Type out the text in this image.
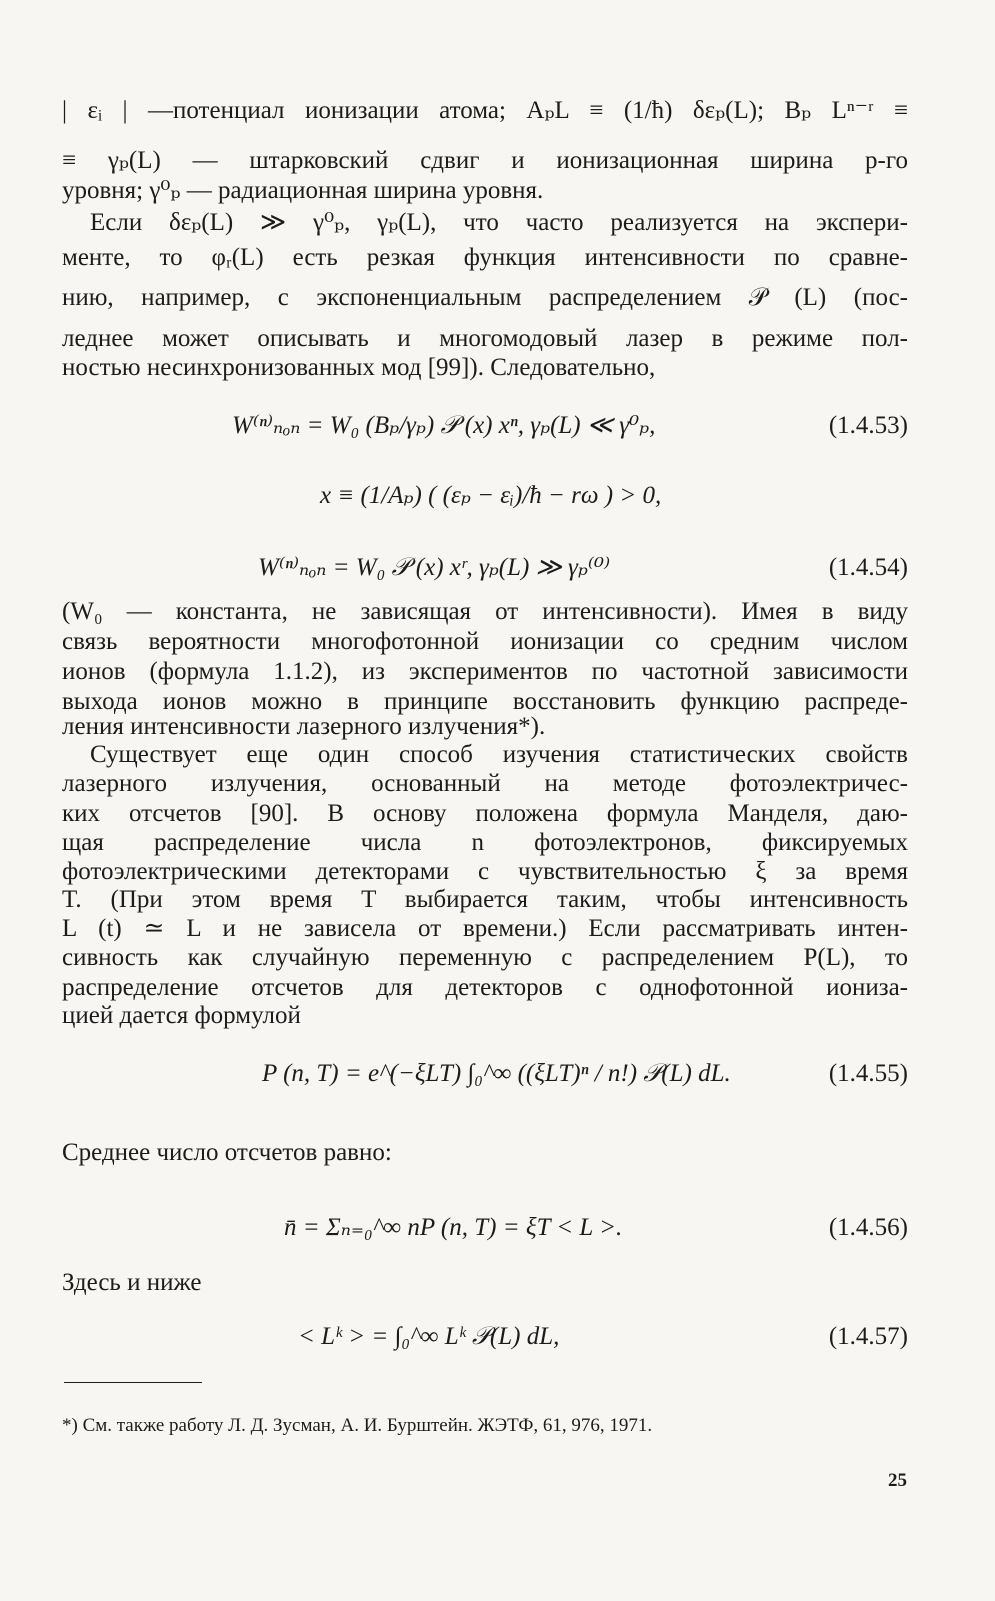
| εᵢ | —потенциал ионизации атома; AₚL ≡ (1/ħ) δεₚ(L); Bₚ Lⁿ⁻ʳ ≡
≡ γₚ(L) — штарковский сдвиг и ионизационная ширина p-го
уровня; γ⁰ₚ — радиационная ширина уровня.
Если δεₚ(L) ≫ γ⁰ₚ, γₚ(L), что часто реализуется на экспери-
менте, то φᵣ(L) есть резкая функция интенсивности по сравне-
нию, например, с экспоненциальным распределением 𝒫 (L) (пос-
леднее может описывать и многомодовый лазер в режиме пол-
ностью несинхронизованных мод [99]). Следовательно,
W⁽ⁿ⁾ₙₒₙ = W₀ (Bₚ/γₚ) 𝒫 (x) xⁿ, γₚ(L) ≪ γ⁰ₚ,	(1.4.53)
x ≡ (1/Aₚ) ( (εₚ − εᵢ)/ħ − rω ) > 0,
W⁽ⁿ⁾ₙₒₙ = W₀ 𝒫 (x) xʳ, γₚ(L) ≫ γₚ⁽⁰⁾	(1.4.54)
(W₀ — константа, не зависящая от интенсивности). Имея в виду
связь вероятности многофотонной ионизации со средним числом
ионов (формула 1.1.2), из экспериментов по частотной зависимости
выхода ионов можно в принципе восстановить функцию распреде-
ления интенсивности лазерного излучения*).
Существует еще один способ изучения статистических свойств
лазерного излучения, основанный на методе фотоэлектричес-
ких отсчетов [90]. В основу положена формула Манделя, даю-
щая распределение числа n фотоэлектронов, фиксируемых
фотоэлектрическими детекторами с чувствительностью ξ за время
T. (При этом время T выбирается таким, чтобы интенсивность
L (t) ≃ L и не зависела от времени.) Если рассматривать интен-
сивность как случайную переменную с распределением P(L), то
распределение отсчетов для детекторов с однофотонной иониза-
цией дается формулой
P (n, T) = e^(−ξLT) ∫₀^∞ ((ξLT)ⁿ / n!) 𝒫(L) dL.	(1.4.55)
Среднее число отсчетов равно:
n̄ = Σₙ₌₀^∞ nP (n, T) = ξT < L >.	(1.4.56)
Здесь и ниже
< Lᵏ > = ∫₀^∞ Lᵏ 𝒫(L) dL,	(1.4.57)
*) См. также работу Л. Д. Зусман, А. И. Бурштейн. ЖЭТФ, 61, 976, 1971.
25
